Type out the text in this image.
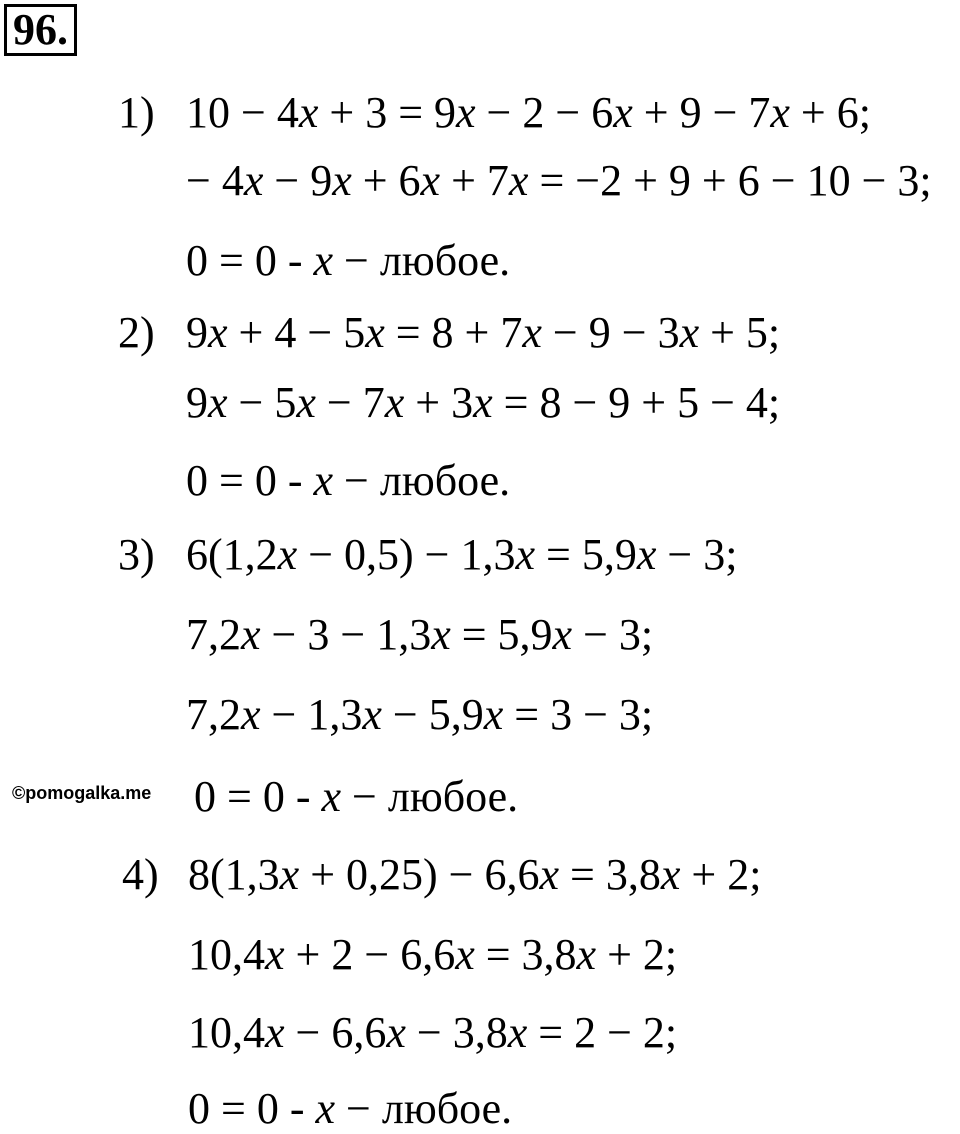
96.
1) 10 − 4x + 3 = 9x − 2 − 6x + 9 − 7x + 6;
− 4x − 9x + 6x + 7x = −2 + 9 + 6 − 10 − 3;
0 = 0 - x − любое.
2) 9x + 4 − 5x = 8 + 7x − 9 − 3x + 5;
9x − 5x − 7x + 3x = 8 − 9 + 5 − 4;
0 = 0 - x − любое.
3) 6(1,2x − 0,5) − 1,3x = 5,9x − 3;
7,2x − 3 − 1,3x = 5,9x − 3;
7,2x − 1,3x − 5,9x = 3 − 3;
0 = 0 - x − любое.
©pomogalka.me
4) 8(1,3x + 0,25) − 6,6x = 3,8x + 2;
10,4x + 2 − 6,6x = 3,8x + 2;
10,4x − 6,6x − 3,8x = 2 − 2;
0 = 0 - x − любое.
